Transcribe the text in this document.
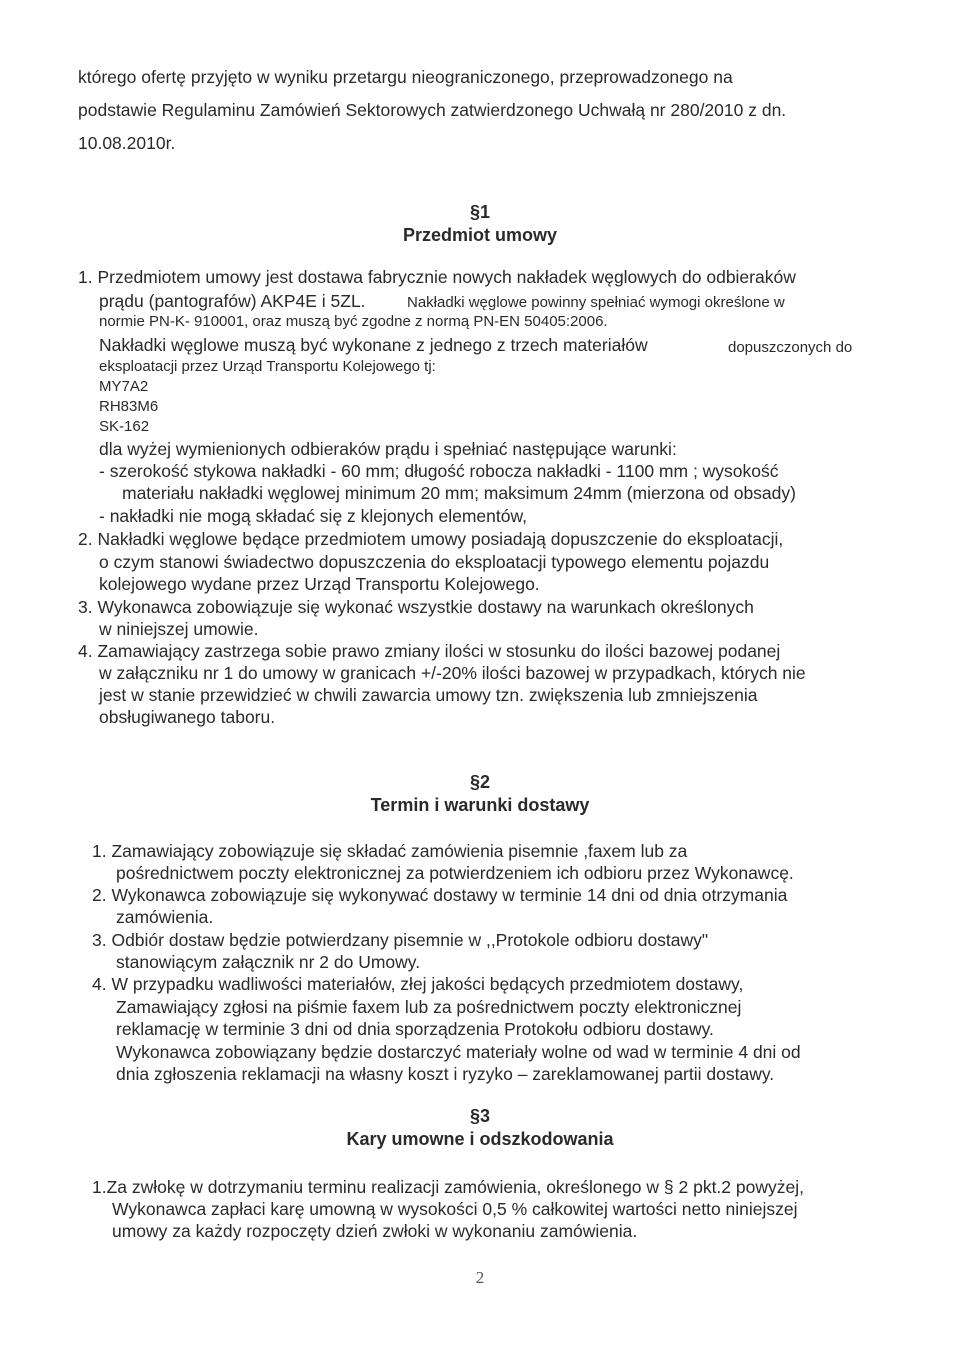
którego ofertę przyjęto w wyniku przetargu nieograniczonego, przeprowadzonego na
podstawie Regulaminu Zamówień Sektorowych zatwierdzonego Uchwałą nr 280/2010 z dn.
10.08.2010r.
§1
Przedmiot umowy
1. Przedmiotem umowy jest dostawa fabrycznie nowych nakładek węglowych do odbieraków
prądu (pantografów) AKP4E i 5ZL.	Nakładki węglowe powinny spełniać wymogi określone w
normie PN-K- 910001, oraz muszą być zgodne z normą PN-EN 50405:2006.
Nakładki węglowe muszą być wykonane z jednego z trzech materiałów	dopuszczonych do
eksploatacji przez Urząd Transportu Kolejowego tj:
MY7A2
RH83M6
SK-162
dla wyżej wymienionych odbieraków prądu i spełniać następujące warunki:
- szerokość stykowa nakładki - 60 mm; długość robocza nakładki - 1100 mm ; wysokość
materiału nakładki węglowej minimum 20 mm; maksimum 24mm (mierzona od obsady)
- nakładki nie mogą składać się z klejonych elementów,
2. Nakładki węglowe będące przedmiotem umowy posiadają dopuszczenie do eksploatacji,
o czym stanowi świadectwo dopuszczenia do eksploatacji typowego elementu pojazdu
kolejowego wydane przez Urząd Transportu Kolejowego.
3. Wykonawca zobowiązuje się wykonać wszystkie dostawy na warunkach określonych
w niniejszej umowie.
4. Zamawiający zastrzega sobie prawo zmiany ilości w stosunku do ilości bazowej podanej
w załączniku nr 1 do umowy w granicach +/-20% ilości bazowej w przypadkach, których nie
jest w stanie przewidzieć w chwili zawarcia umowy tzn. zwiększenia lub zmniejszenia
obsługiwanego taboru.
§2
Termin i warunki dostawy
1. Zamawiający zobowiązuje się składać zamówienia pisemnie ,faxem lub za
pośrednictwem poczty elektronicznej za potwierdzeniem ich odbioru przez Wykonawcę.
2. Wykonawca zobowiązuje się wykonywać dostawy w terminie 14 dni od dnia otrzymania
zamówienia.
3. Odbiór dostaw będzie potwierdzany pisemnie w ,,Protokole odbioru dostawy"
stanowiącym załącznik nr 2 do Umowy.
4. W przypadku wadliwości materiałów, złej jakości będących przedmiotem dostawy,
Zamawiający zgłosi na piśmie faxem lub za pośrednictwem poczty elektronicznej
reklamację w terminie 3 dni od dnia sporządzenia Protokołu odbioru dostawy.
Wykonawca zobowiązany będzie dostarczyć materiały wolne od wad w terminie 4 dni od
dnia zgłoszenia reklamacji na własny koszt i ryzyko – zareklamowanej partii dostawy.
§3
Kary umowne i odszkodowania
1.Za zwłokę w dotrzymaniu terminu realizacji zamówienia, określonego w § 2 pkt.2 powyżej,
Wykonawca zapłaci karę umowną w wysokości 0,5 % całkowitej wartości netto niniejszej
umowy za każdy rozpoczęty dzień zwłoki w wykonaniu zamówienia.
2
